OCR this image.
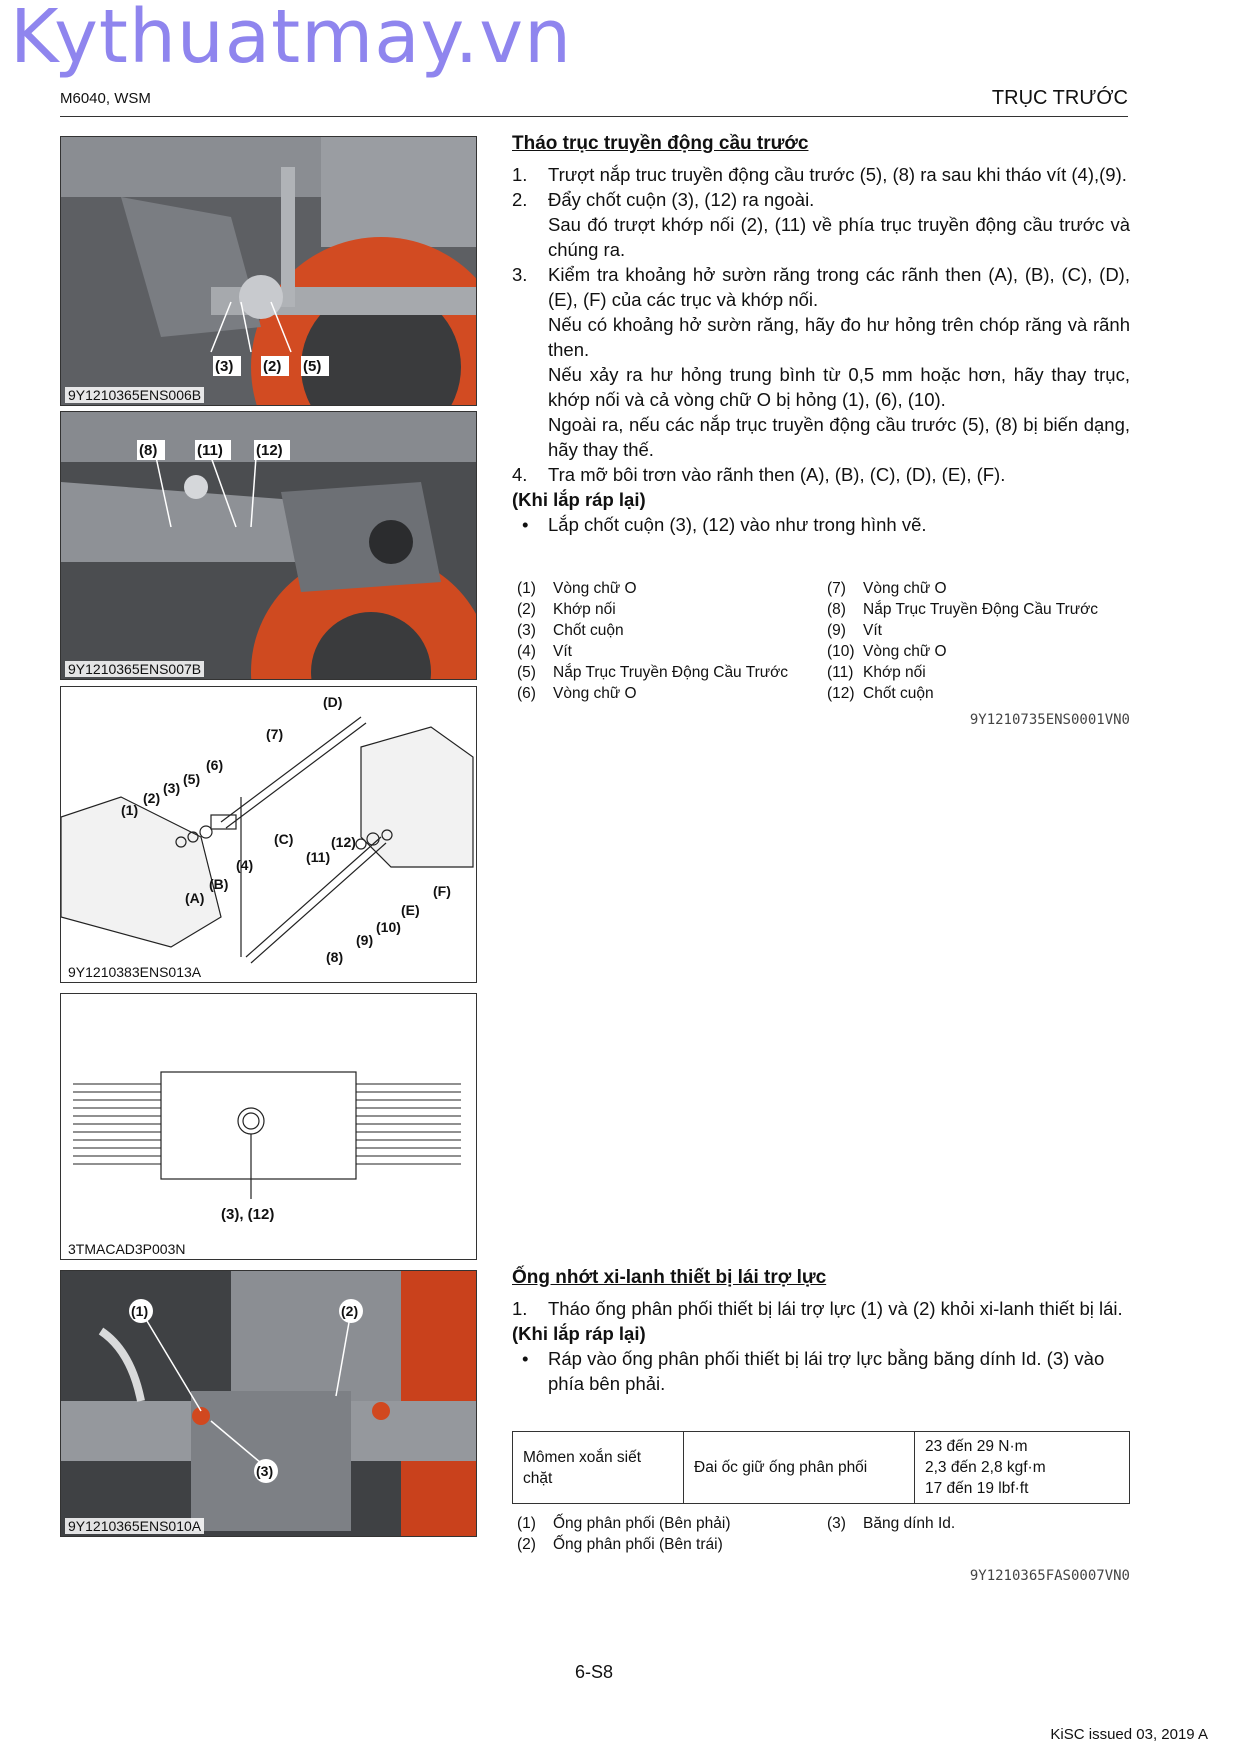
Kythuatmay.vn
M6040, WSM	TRỤC TRƯỚC
(3) (2) (5)
9Y1210365ENS006B
(8)	(11) (12)
9Y1210365ENS007B
(D)
(7)
(6)
(5)
(3)
(2)
(1)
(C)
(4)
(B)
(A)
(12)
(11)
(F)
(E)
(10)
(9)
(8)
9Y1210383ENS013A
(3), (12)
3TMACAD3P003N
(1)	(2)
(3)
9Y1210365ENS010A
Tháo trục truyền động cầu trước
1.	Trượt nắp truc truyền động cầu trước (5), (8) ra sau khi tháo vít (4),(9).
2.	Đẩy chốt cuộn (3), (12) ra ngoài.
Sau đó trượt khớp nối (2), (11) về phía trục truyền động cầu trước và chúng ra.
3.	Kiểm tra khoảng hở sườn răng trong các rãnh then (A), (B), (C), (D), (E), (F) của các trục và khớp nối.
Nếu có khoảng hở sườn răng, hãy đo hư hỏng trên chóp răng và rãnh then.
Nếu xảy ra hư hỏng trung bình từ 0,5 mm hoặc hơn, hãy thay trục, khớp nối và cả vòng chữ O bị hỏng (1), (6), (10).
Ngoài ra, nếu các nắp trục truyền động cầu trước (5), (8) bị biến dạng, hãy thay thế.
4.	Tra mỡ bôi trơn vào rãnh then (A), (B), (C), (D), (E), (F).
(Khi lắp ráp lại)
•	Lắp chốt cuộn (3), (12) vào như trong hình vẽ.
(1)	Vòng chữ O
(2)	Khớp nối
(3)	Chốt cuộn
(4)	Vít
(5)	Nắp Trục Truyền Động Cầu Trước
(6)	Vòng chữ O
(7)	Vòng chữ O
(8)	Nắp Trục Truyền Động Cầu Trước
(9)	Vít
(10) Vòng chữ O
(11) Khớp nối
(12) Chốt cuộn
9Y1210735ENS0001VN0
Ống nhớt xi-lanh thiết bị lái trợ lực
1.	Tháo ống phân phối thiết bị lái trợ lực (1) và (2) khỏi xi-lanh thiết bị lái.
(Khi lắp ráp lại)
•	Ráp vào ống phân phối thiết bị lái trợ lực bằng băng dính Id. (3) vào phía bên phải.
Mômen xoắn siết chặt	Đai ốc giữ ống phân phối	
23 đến 29 N·m
2,3 đến 2,8 kgf·m
17 đến 19 lbf·ft
(1)	Ống phân phối (Bên phải)
(2)	Ống phân phối (Bên trái)
(3)	Băng dính Id.
9Y1210365FAS0007VN0
6-S8
KiSC issued 03, 2019 A
